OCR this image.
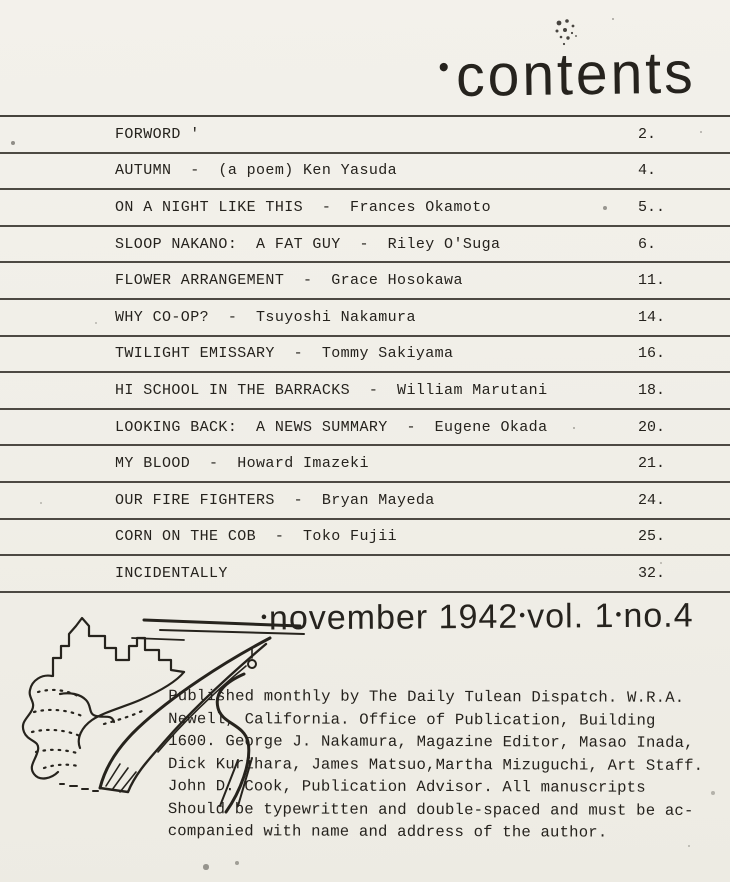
•contents
FORWORD '	2.
AUTUMN  -  (a poem) Ken Yasuda	4.
ON A NIGHT LIKE THIS  -  Frances Okamoto	5..
SLOOP NAKANO:  A FAT GUY  -  Riley O'Suga	6.
FLOWER ARRANGEMENT  -  Grace Hosokawa	11.
WHY CO-OP?  -  Tsuyoshi Nakamura	14.
TWILIGHT EMISSARY  -  Tommy Sakiyama	16.
HI SCHOOL IN THE BARRACKS  -  William Marutani	18.
LOOKING BACK:  A NEWS SUMMARY  -  Eugene Okada	20.
MY BLOOD  -  Howard Imazeki	21.
OUR FIRE FIGHTERS  -  Bryan Mayeda	24.
CORN ON THE COB  -  Toko Fujii	25.
INCIDENTALLY	32.
•november 1942•vol. 1•no.4
Published monthly by The Daily Tulean Dispatch. W.R.A.
Newell, California. Office of Publication, Building
1600. George J. Nakamura, Magazine Editor, Masao Inada,
Dick Kurihara, James Matsuo,Martha Mizuguchi, Art Staff.
John D. Cook, Publication Advisor. All manuscripts
Should be typewritten and double-spaced and must be ac-
companied with name and address of the author.
